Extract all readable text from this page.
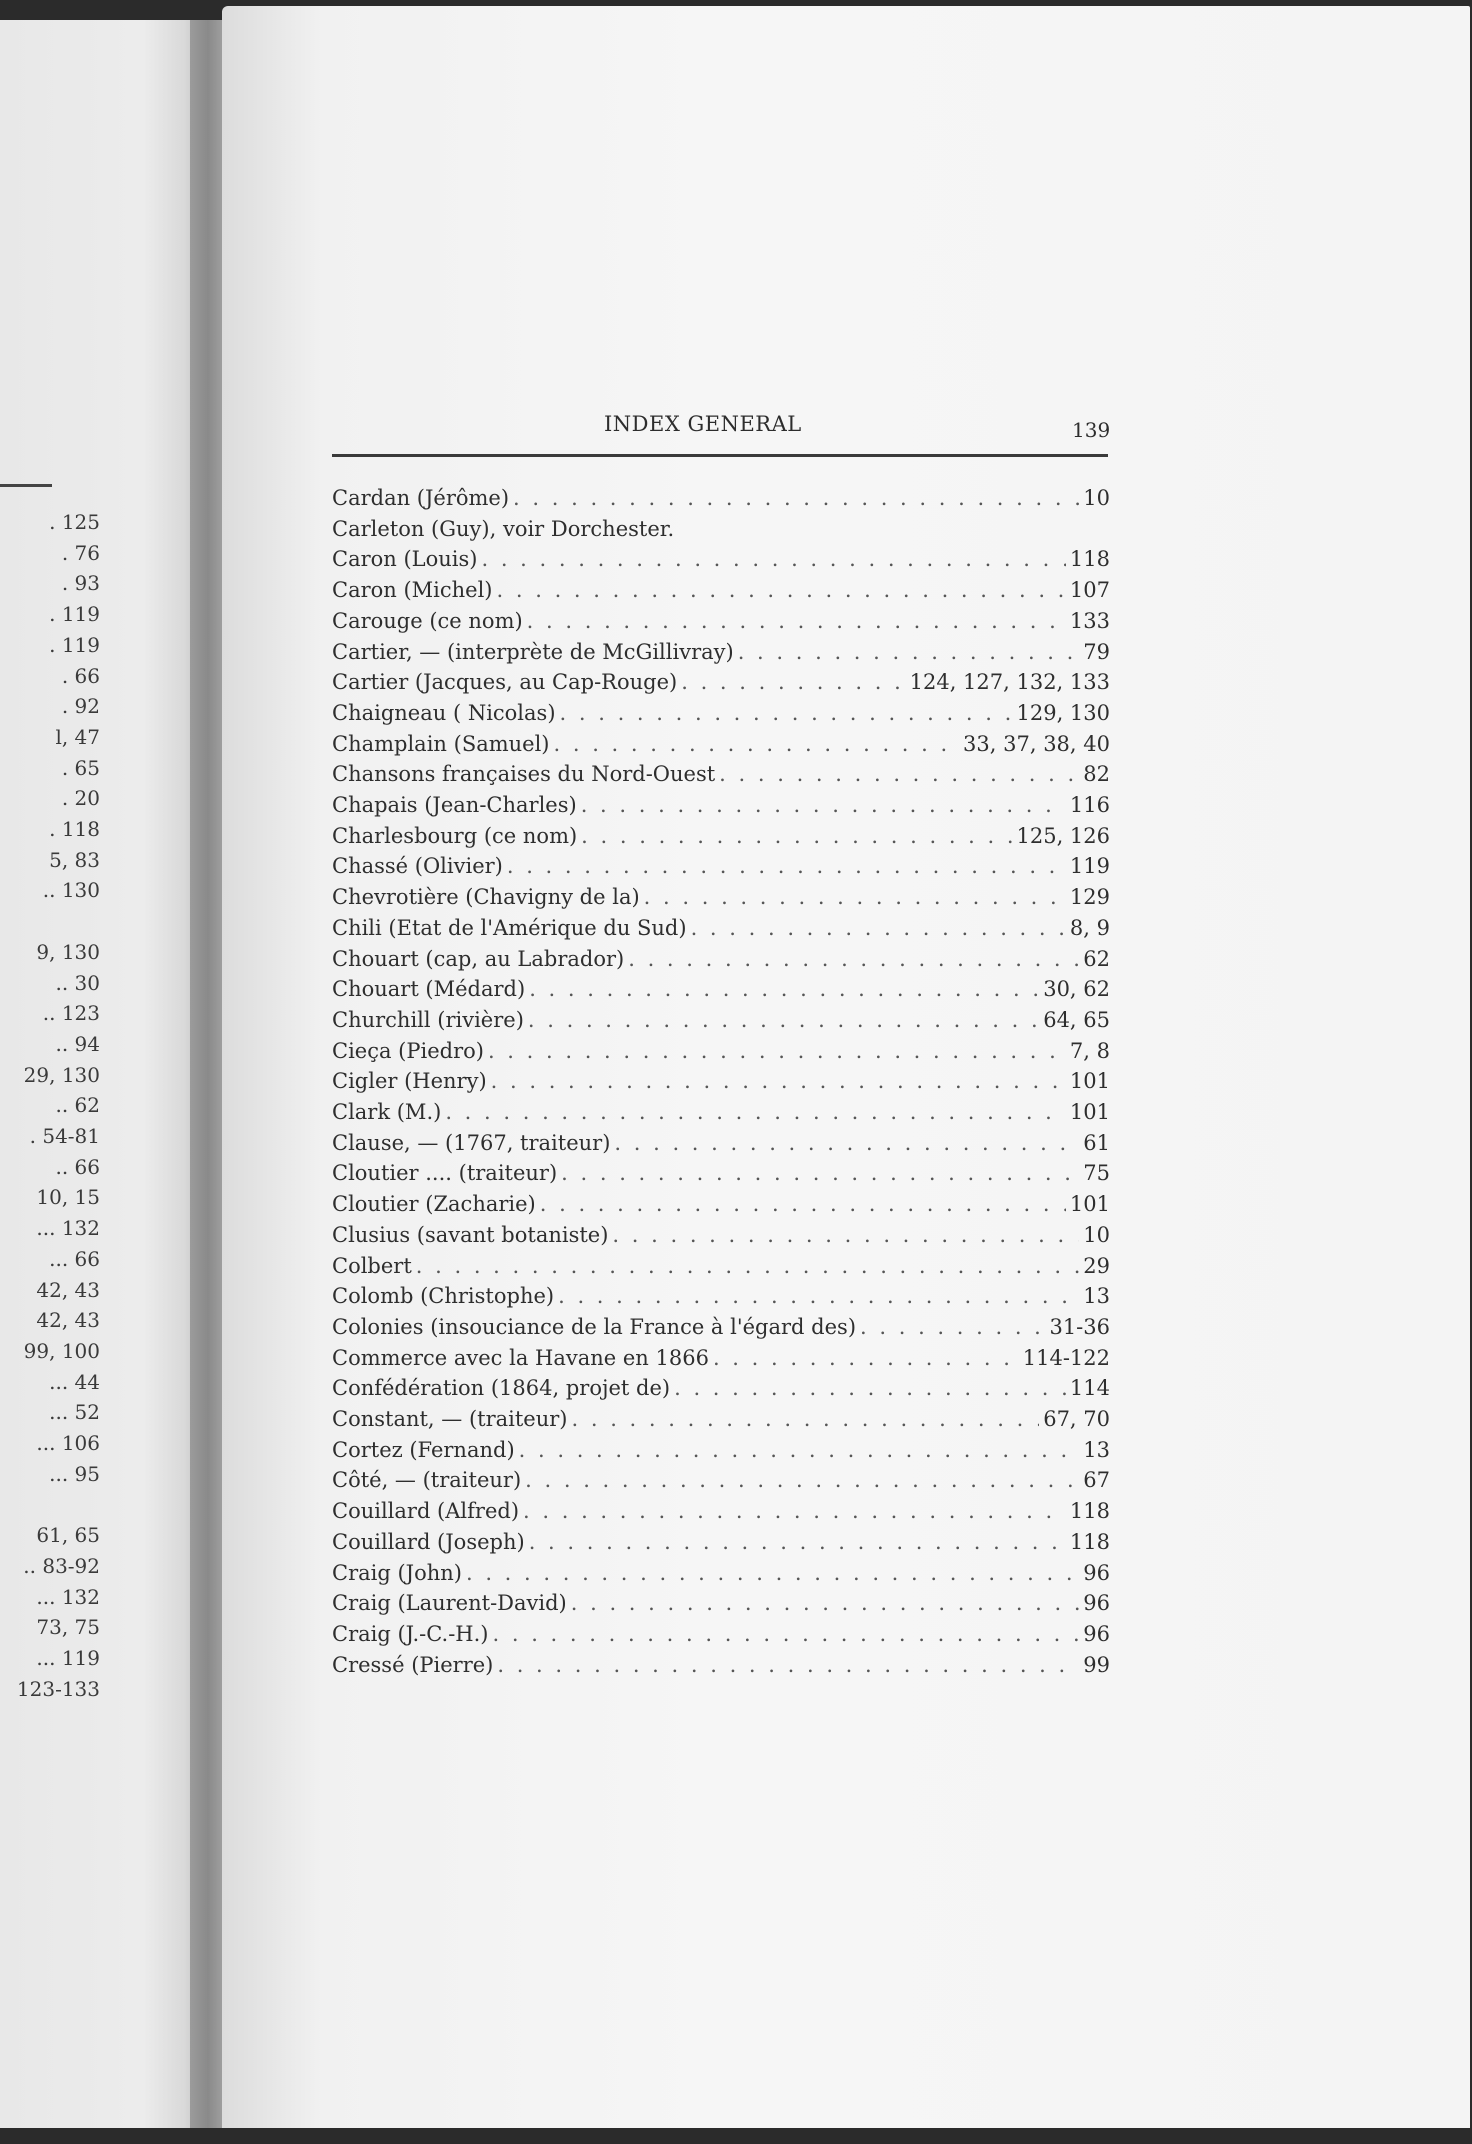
. 125
. 76
. 93
. 119
. 119
. 66
. 92
l, 47
. 65
. 20
. 118
5, 83
.. 130
9, 130
.. 30
.. 123
.. 94
29, 130
.. 62
. 54-81
.. 66
10, 15
... 132
... 66
42, 43
42, 43
99, 100
... 44
... 52
... 106
... 95
61, 65
.. 83-92
... 132
73, 75
... 119
123-133
INDEX GENERAL	139
Cardan (Jérôme) . . .	10
Carleton (Guy), voir Dorchester.
Caron (Louis) . . .	118
Caron (Michel) . . .	107
Carouge (ce nom) . . .	133
Cartier, — (interprète de McGillivray) . . .	79
Cartier (Jacques, au Cap-Rouge) . . .	124, 127, 132, 133
Chaigneau ( Nicolas) . . .	129, 130
Champlain (Samuel) . . .	33, 37, 38, 40
Chansons françaises du Nord-Ouest . . .	82
Chapais (Jean-Charles) . . .	116
Charlesbourg (ce nom) . . .	125, 126
Chassé (Olivier) . . .	119
Chevrotière (Chavigny de la) . . .	129
Chili (Etat de l'Amérique du Sud) . . .	8, 9
Chouart (cap, au Labrador) . . .	62
Chouart (Médard) . . .	30, 62
Churchill (rivière) . . .	64, 65
Cieça (Piedro) . . .	7, 8
Cigler (Henry) . . .	101
Clark (M.) . . .	101
Clause, — (1767, traiteur) . . .	61
Cloutier .... (traiteur) . . .	75
Cloutier (Zacharie) . . .	101
Clusius (savant botaniste) . . .	10
Colbert . . .	29
Colomb (Christophe) . . .	13
Colonies (insouciance de la France à l'égard des) . . .	31-36
Commerce avec la Havane en 1866 . . .	114-122
Confédération (1864, projet de) . . .	114
Constant, — (traiteur) . . .	67, 70
Cortez (Fernand) . . .	13
Côté, — (traiteur) . . .	67
Couillard (Alfred) . . .	118
Couillard (Joseph) . . .	118
Craig (John) . . .	96
Craig (Laurent-David) . . .	96
Craig (J.-C.-H.) . . .	96
Cressé (Pierre) . . .	99
